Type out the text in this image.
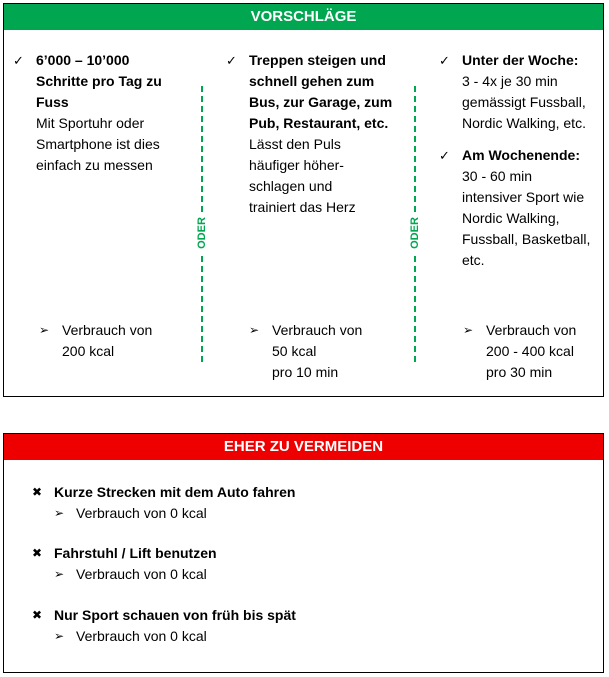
VORSCHLÄGE
✓ 6’000 – 10’000
Schritte pro Tag zu
Fuss
Mit Sportuhr oder
Smartphone ist dies
einfach zu messen
➢ Verbrauch von
200 kcal
ODER
✓ Treppen steigen und
schnell gehen zum
Bus, zur Garage, zum
Pub, Restaurant, etc.
Lässt den Puls
häufiger höher-
schlagen und
trainiert das Herz
➢ Verbrauch von
50 kcal
pro 10 min
ODER
✓ Unter der Woche:
3 - 4x je 30 min
gemässigt Fussball,
Nordic Walking, etc.
✓ Am Wochenende:
30 - 60 min
intensiver Sport wie
Nordic Walking,
Fussball, Basketball,
etc.
➢ Verbrauch von
200 - 400 kcal
pro 30 min
EHER ZU VERMEIDEN
✖ Kurze Strecken mit dem Auto fahren
➢ Verbrauch von 0 kcal
✖ Fahrstuhl / Lift benutzen
➢ Verbrauch von 0 kcal
✖ Nur Sport schauen von früh bis spät
➢ Verbrauch von 0 kcal
